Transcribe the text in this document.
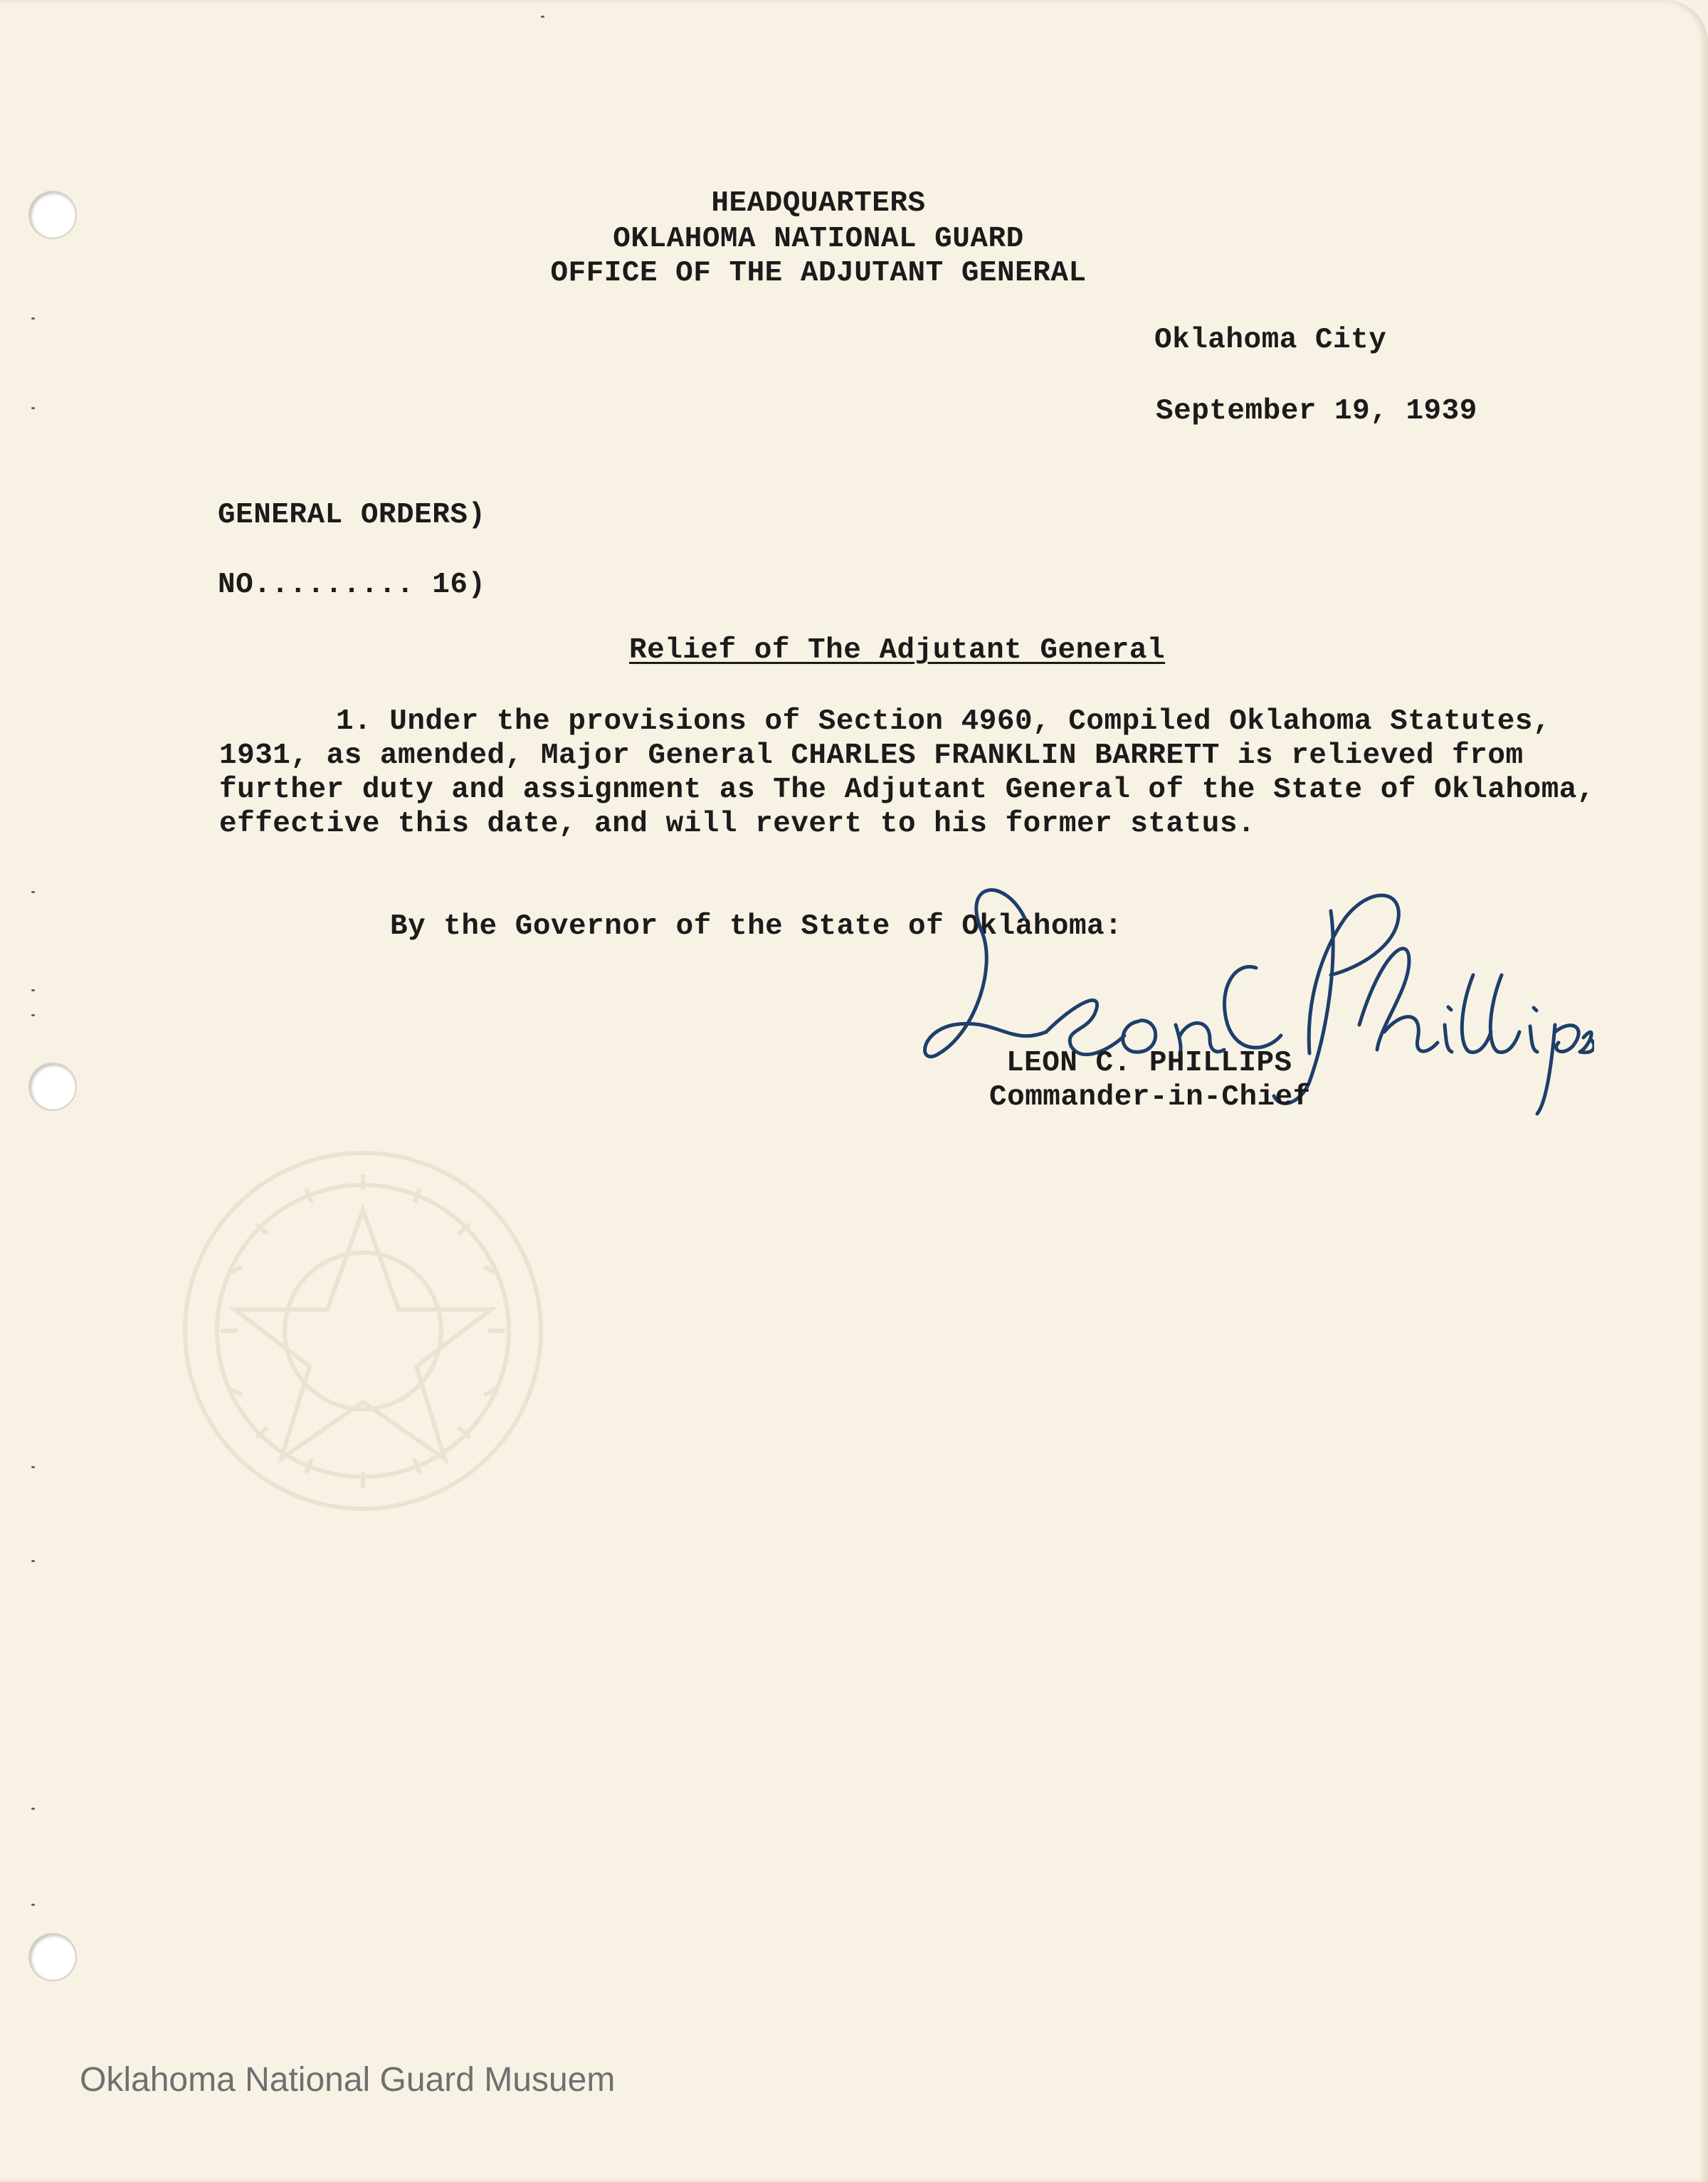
HEADQUARTERS

OKLAHOMA NATIONAL GUARD

OFFICE OF THE ADJUTANT GENERAL

Oklahoma City

September 19, 1939

GENERAL ORDERS)

NO......... 16)

Relief of The Adjutant General

1. Under the provisions of Section 4960, Compiled Oklahoma Statutes,

1931, as amended, Major General CHARLES FRANKLIN BARRETT is relieved from

further duty and assignment as The Adjutant General of the State of Oklahoma,

effective this date, and will revert to his former status.

By the Governor of the State of Oklahoma:

LEON C. PHILLIPS

Commander-in-Chief

Oklahoma National Guard Musuem
